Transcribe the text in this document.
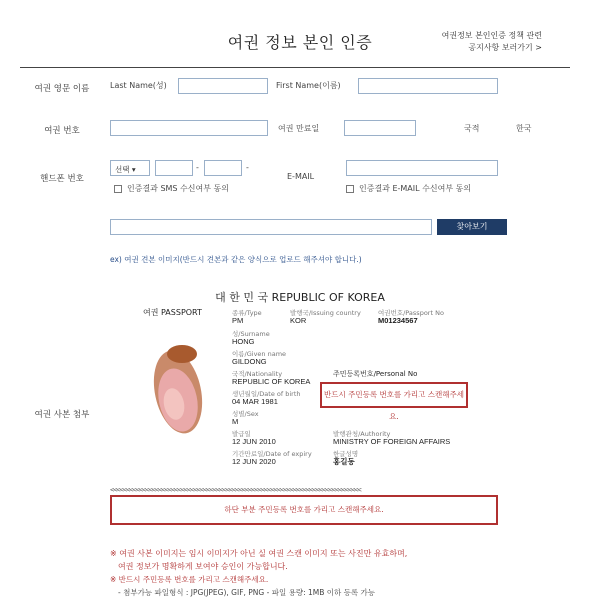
여권 정보 본인 인증	여권정보 본인인증 정책 관련
공지사항 보러가기 >
여권 영문 이름	Last Name(성)	First Name(이름)
여권 번호	여권 만료일	국적	한국
핸드폰 번호
선택 ▾	-	-
인증결과 SMS 수신여부 동의
E-MAIL
인증결과 E-MAIL 수신여부 동의
찾아보기
ex) 여권 견본 이미지(반드시 견본과 같은 양식으로 업로드 해주셔야 합니다.)
대 한 민 국 REPUBLIC OF KOREA
여권 사본 첨부
여권 PASSPORT	종류/Type
PM
발행국/Issuing country
KOR
여권번호/Passport No
M01234567
성/Surname
HONG
이름/Given name
GILDONG
국적/Nationality
REPUBLIC OF KOREA
주민등록번호/Personal No
생년월일/Date of birth
04 MAR 1981
반드시 주민등록 번호를 가리고 스캔해주세요.
성별/Sex
M
발급일
12 JUN 2010
발행관청/Authority
MINISTRY OF FOREIGN AFFAIRS
기간만료일/Date of expiry
12 JUN 2020
한글성명
홍길동
<<<<<<<<<<<<<<<<<<<<<<<<<<<<<<<<<<<<<<<<<<<<<<<<<<<<<<<<<<<<<<<<<<<<<<<<<<<<<<
하단 부분 주민등록 번호를 가리고 스캔해주세요.
※ 여권 사본 이미지는 임시 이미지가 아닌 실 여권 스캔 이미지 또는 사진만 유효하며,
여권 정보가 명확하게 보여야 승인이 가능합니다.
※ 반드시 주민등록 번호를 가리고 스캔해주세요.
- 첨부가능 파일형식 : JPG(JPEG), GIF, PNG - 파일 용량: 1MB 이하 등록 가능
